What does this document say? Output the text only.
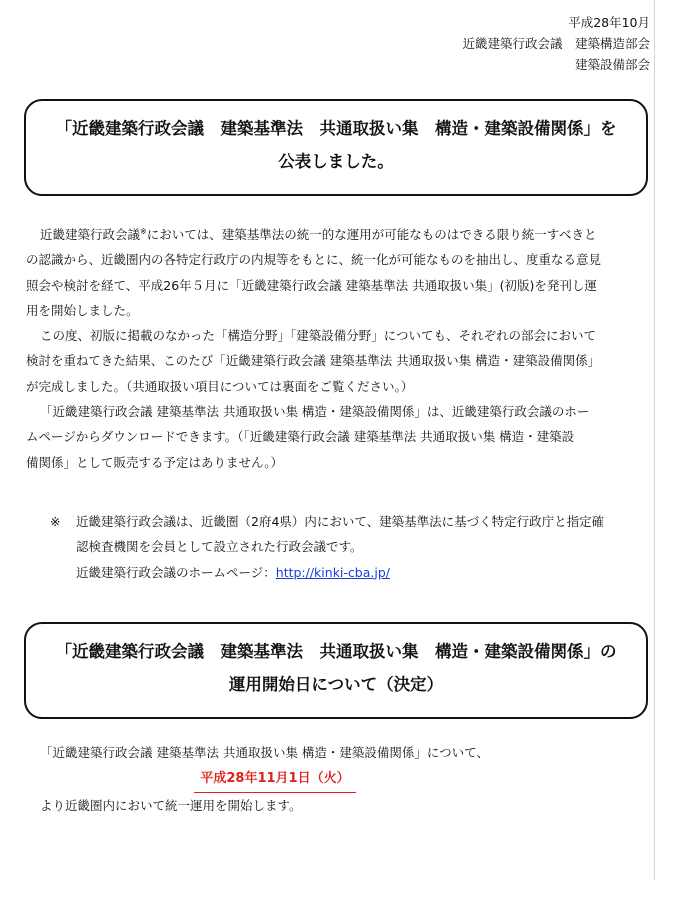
平成28年10月
近畿建築行政会議　建築構造部会
建築設備部会
「近畿建築行政会議　建築基準法　共通取扱い集　構造・建築設備関係」を
公表しました。
近畿建築行政会議※においては、建築基準法の統一的な運用が可能なものはできる限り統一すべきと
の認識から、近畿圏内の各特定行政庁の内規等をもとに、統一化が可能なものを抽出し、度重なる意見
照会や検討を経て、平成26年５月に「近畿建築行政会議 建築基準法 共通取扱い集」(初版)を発刊し運
用を開始しました。
この度、初版に掲載のなかった「構造分野」「建築設備分野」についても、それぞれの部会において
検討を重ねてきた結果、このたび「近畿建築行政会議 建築基準法 共通取扱い集 構造・建築設備関係」
が完成しました。（共通取扱い項目については裏面をご覧ください。）
「近畿建築行政会議 建築基準法 共通取扱い集 構造・建築設備関係」は、近畿建築行政会議のホー
ムページからダウンロードできます。（「近畿建築行政会議 建築基準法 共通取扱い集 構造・建築設
備関係」として販売する予定はありません。）
※ 近畿建築行政会議は、近畿圏（2府4県）内において、建築基準法に基づく特定行政庁と指定確
認検査機関を会員として設立された行政会議です。
近畿建築行政会議のホームページ：http://kinki-cba.jp/
「近畿建築行政会議　建築基準法　共通取扱い集　構造・建築設備関係」の
運用開始日について（決定）
「近畿建築行政会議 建築基準法 共通取扱い集 構造・建築設備関係」について、
平成28年11月1日（火）
より近畿圏内において統一運用を開始します。
